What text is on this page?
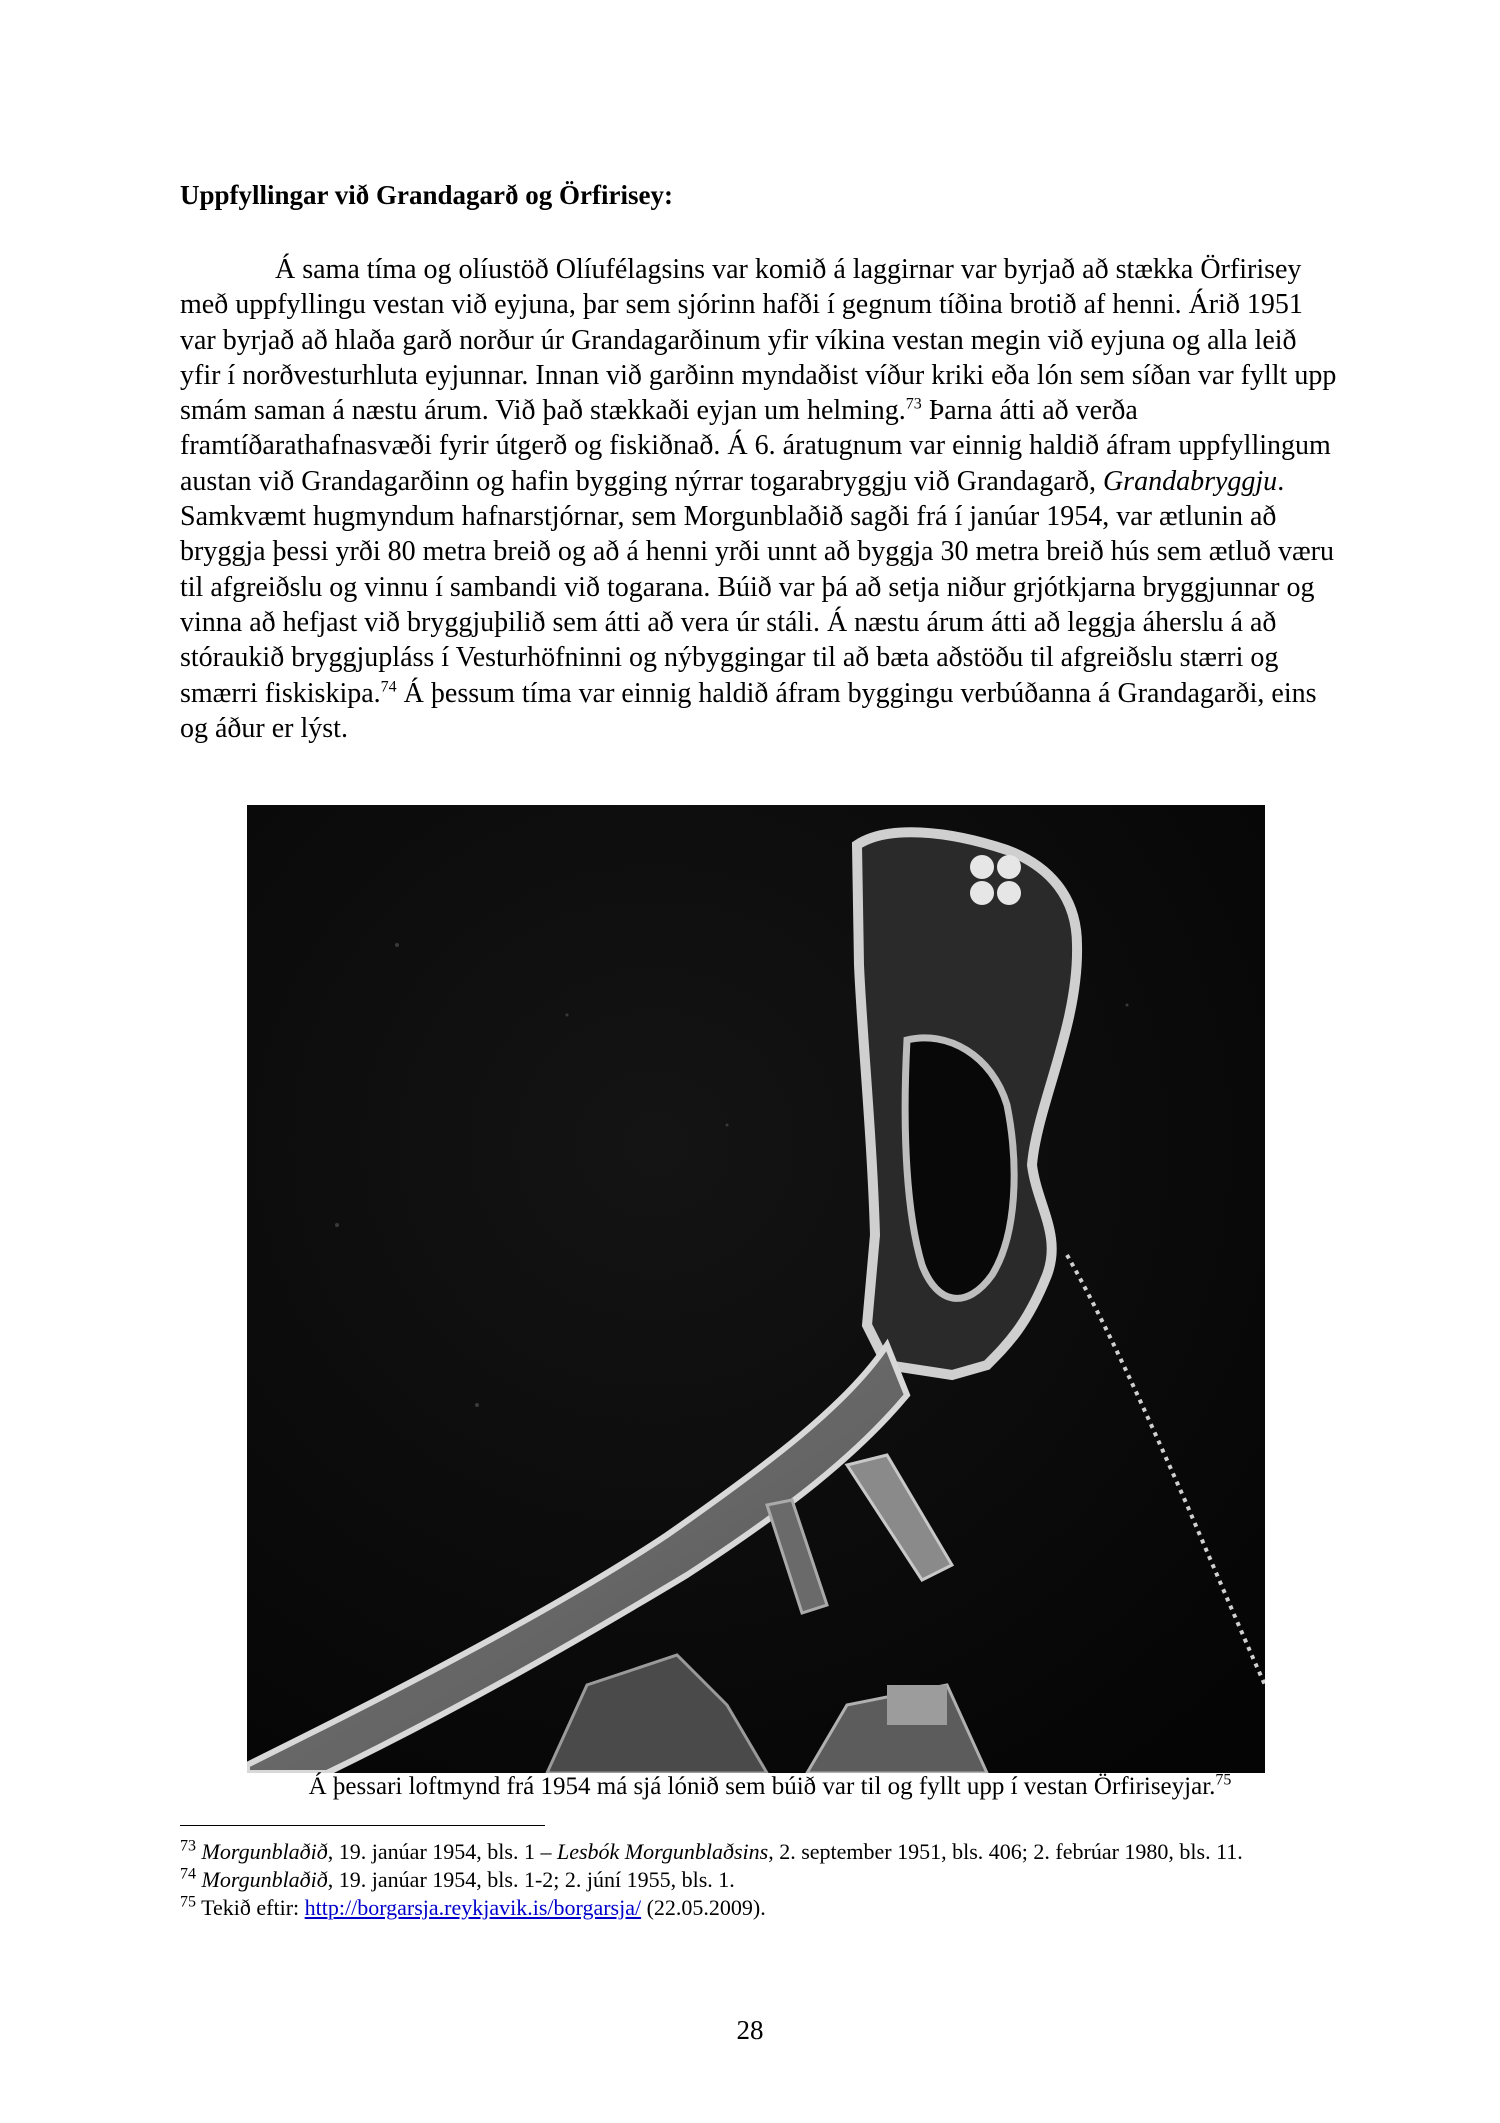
Uppfyllingar við Grandagarð og Örfirisey:
Á sama tíma og olíustöð Olíufélagsins var komið á laggirnar var byrjað að stækka Örfirisey með uppfyllingu vestan við eyjuna, þar sem sjórinn hafði í gegnum tíðina brotið af henni. Árið 1951 var byrjað að hlaða garð norður úr Grandagarðinum yfir víkina vestan megin við eyjuna og alla leið yfir í norðvesturhluta eyjunnar. Innan við garðinn myndaðist víður kriki eða lón sem síðan var fyllt upp smám saman á næstu árum. Við það stækkaði eyjan um helming.$^{73}$ Þarna átti að verða framtíðarathafnasvæði fyrir útgerð og fiskiðnað. Á 6. áratugnum var einnig haldið áfram uppfyllingum austan við Grandagarðinn og hafin bygging nýrrar togarabryggju við Grandagarð, Grandabryggju. Samkvæmt hugmyndum hafnarstjórnar, sem Morgunblaðið sagði frá í janúar 1954, var ætlunin að bryggja þessi yrði 80 metra breið og að á henni yrði unnt að byggja 30 metra breið hús sem ætluð væru til afgreiðslu og vinnu í sambandi við togarana. Búið var þá að setja niður grjótkjarna bryggjunnar og vinna að hefjast við bryggjuþilið sem átti að vera úr stáli. Á næstu árum átti að leggja áherslu á að stóraukið bryggjupláss í Vesturhöfninni og nýbyggingar til að bæta aðstöðu til afgreiðslu stærri og smærri fiskiskipa.$^{74}$ Á þessum tíma var einnig haldið áfram byggingu verbúðanna á Grandagarði, eins og áður er lýst.

Á þessari loftmynd frá 1954 má sjá lónið sem búið var til og fyllt upp í vestan Örfiriseyjar.$^{75}$

$^{73}$ Morgunblaðið, 19. janúar 1954, bls. 1 – Lesbók Morgunblaðsins, 2. september 1951, bls. 406; 2. febrúar 1980, bls. 11.

$^{74}$ Morgunblaðið, 19. janúar 1954, bls. 1-2; 2. júní 1955, bls. 1.

$^{75}$ Tekið eftir: http://borgarsja.reykjavik.is/borgarsja/ (22.05.2009).

28
